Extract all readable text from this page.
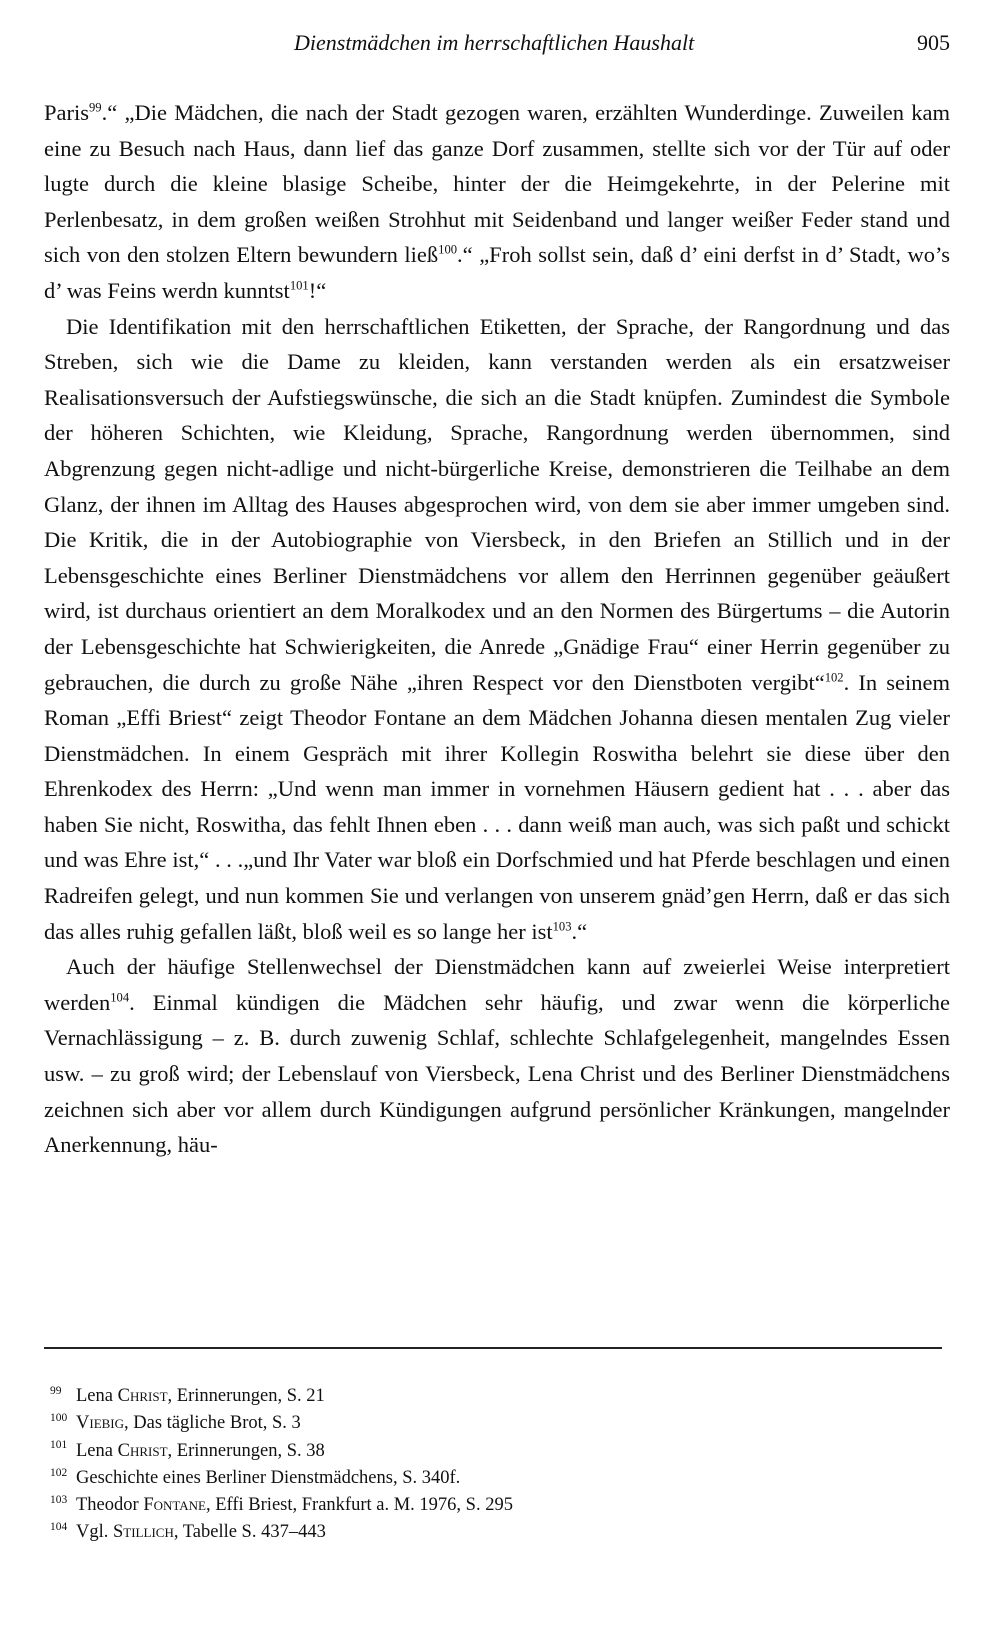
Dienstmädchen im herrschaftlichen Haushalt	905

Paris$^{99}$.“ „Die Mädchen, die nach der Stadt gezogen waren, erzählten Wunderdinge. Zuweilen kam eine zu Besuch nach Haus, dann lief das ganze Dorf zusammen, stellte sich vor der Tür auf oder lugte durch die kleine blasige Scheibe, hinter der die Heimgekehrte, in der Pelerine mit Perlenbesatz, in dem großen weißen Strohhut mit Seidenband und langer weißer Feder stand und sich von den stolzen Eltern bewundern ließ$^{100}$.“ „Froh sollst sein, daß d’ eini derfst in d’ Stadt, wo’s d’ was Feins werdn kunntst$^{101}$!“

Die Identifikation mit den herrschaftlichen Etiketten, der Sprache, der Rangordnung und das Streben, sich wie die Dame zu kleiden, kann verstanden werden als ein ersatzweiser Realisationsversuch der Aufstiegswünsche, die sich an die Stadt knüpfen. Zumindest die Symbole der höheren Schichten, wie Kleidung, Sprache, Rangordnung werden übernommen, sind Abgrenzung gegen nicht-adlige und nicht-bürgerliche Kreise, demonstrieren die Teilhabe an dem Glanz, der ihnen im Alltag des Hauses abgesprochen wird, von dem sie aber immer umgeben sind. Die Kritik, die in der Autobiographie von Viersbeck, in den Briefen an Stillich und in der Lebensgeschichte eines Berliner Dienstmädchens vor allem den Herrinnen gegenüber geäußert wird, ist durchaus orientiert an dem Moralkodex und an den Normen des Bürgertums – die Autorin der Lebensgeschichte hat Schwierigkeiten, die Anrede „Gnädige Frau“ einer Herrin gegenüber zu gebrauchen, die durch zu große Nähe „ihren Respect vor den Dienstboten vergibt“$^{102}$. In seinem Roman „Effi Briest“ zeigt Theodor Fontane an dem Mädchen Johanna diesen mentalen Zug vieler Dienstmädchen. In einem Gespräch mit ihrer Kollegin Roswitha belehrt sie diese über den Ehrenkodex des Herrn: „Und wenn man immer in vornehmen Häusern gedient hat . . . aber das haben Sie nicht, Roswitha, das fehlt Ihnen eben . . . dann weiß man auch, was sich paßt und schickt und was Ehre ist,“ . . .„und Ihr Vater war bloß ein Dorfschmied und hat Pferde beschlagen und einen Radreifen gelegt, und nun kommen Sie und verlangen von unserem gnäd’gen Herrn, daß er das sich das alles ruhig gefallen läßt, bloß weil es so lange her ist$^{103}$.“

Auch der häufige Stellenwechsel der Dienstmädchen kann auf zweierlei Weise interpretiert werden$^{104}$. Einmal kündigen die Mädchen sehr häufig, und zwar wenn die körperliche Vernachlässigung – z. B. durch zuwenig Schlaf, schlechte Schlafgelegenheit, mangelndes Essen usw. – zu groß wird; der Lebenslauf von Viersbeck, Lena Christ und des Berliner Dienstmädchens zeichnen sich aber vor allem durch Kündigungen aufgrund persönlicher Kränkungen, mangelnder Anerkennung, häu-

99 Lena Christ, Erinnerungen, S. 21
100 Viebig, Das tägliche Brot, S. 3
101 Lena Christ, Erinnerungen, S. 38
102 Geschichte eines Berliner Dienstmädchens, S. 340f.
103 Theodor Fontane, Effi Briest, Frankfurt a. M. 1976, S. 295
104 Vgl. Stillich, Tabelle S. 437–443
